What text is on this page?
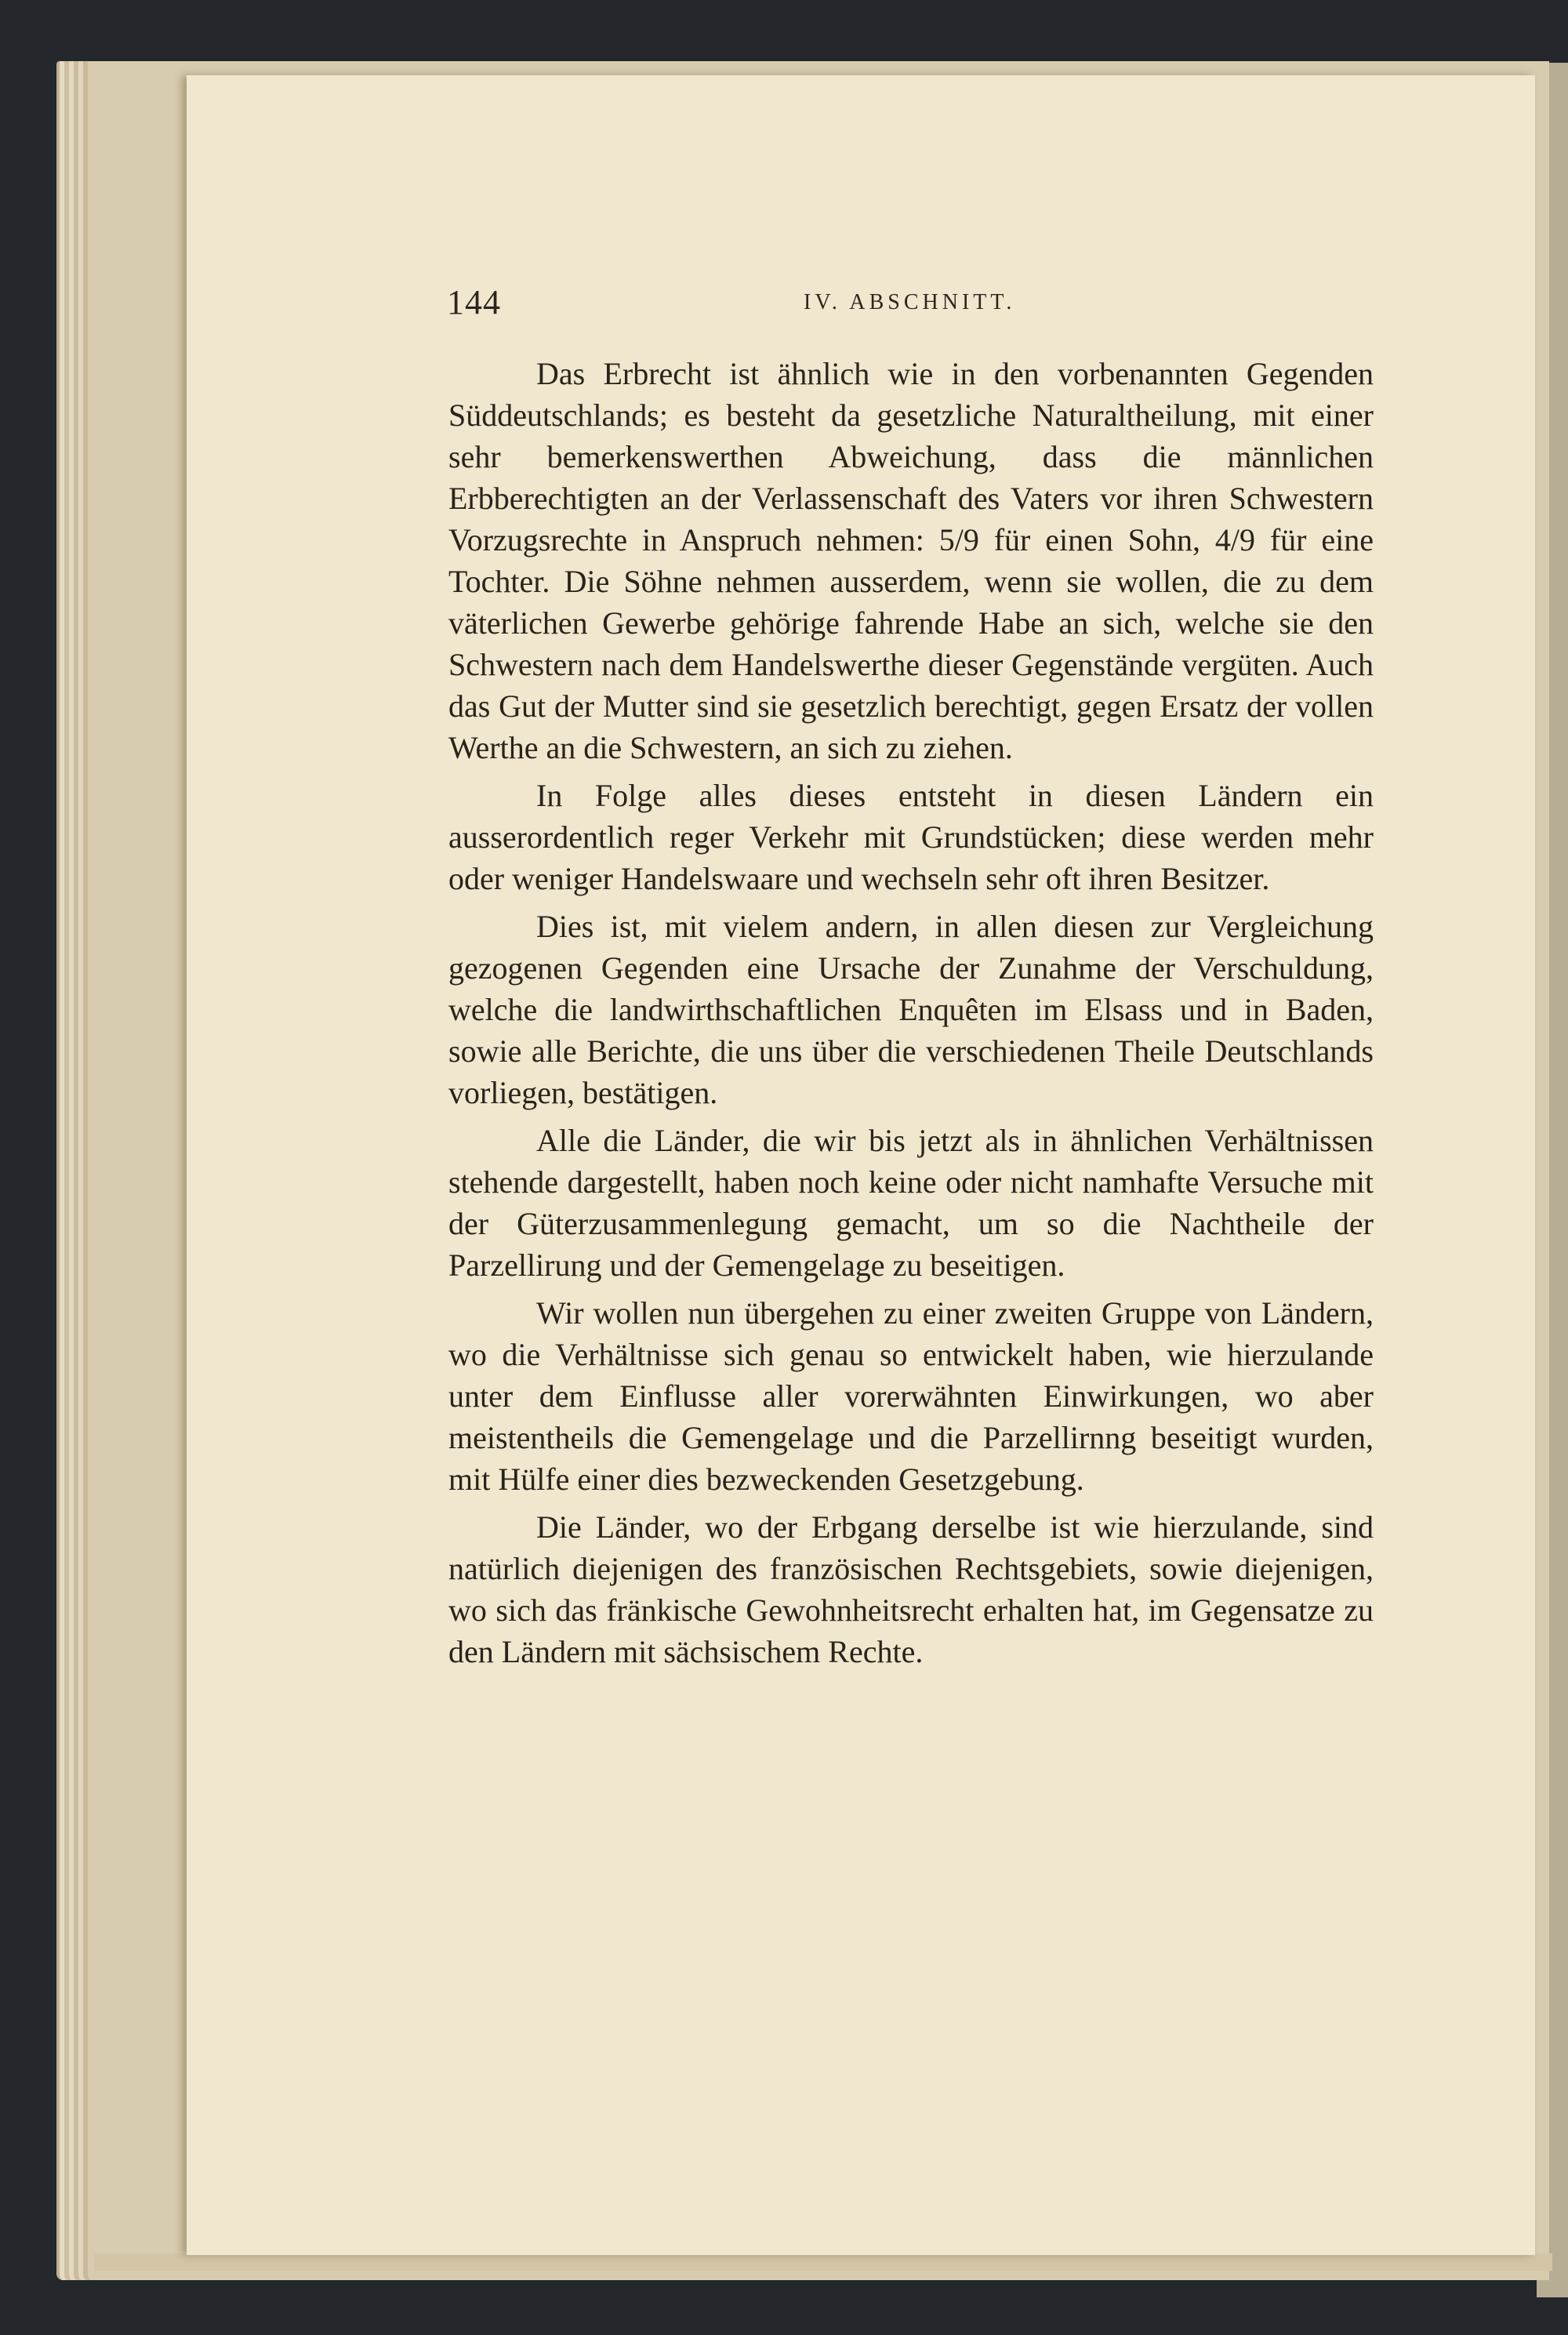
144	IV. ABSCHNITT.

Das Erbrecht ist ähnlich wie in den vorbenannten Gegenden Süddeutschlands; es besteht da gesetzliche Naturaltheilung, mit einer sehr bemerkenswerthen Abweichung, dass die männlichen Erbberechtigten an der Verlassenschaft des Vaters vor ihren Schwestern Vorzugsrechte in Anspruch nehmen: 5/9 für einen Sohn, 4/9 für eine Tochter. Die Söhne nehmen ausserdem, wenn sie wollen, die zu dem väterlichen Gewerbe gehörige fahrende Habe an sich, welche sie den Schwestern nach dem Handelswerthe dieser Gegenstände vergüten. Auch das Gut der Mutter sind sie gesetzlich berechtigt, gegen Ersatz der vollen Werthe an die Schwestern, an sich zu ziehen.

In Folge alles dieses entsteht in diesen Ländern ein ausserordentlich reger Verkehr mit Grundstücken; diese werden mehr oder weniger Handelswaare und wechseln sehr oft ihren Besitzer.

Dies ist, mit vielem andern, in allen diesen zur Vergleichung gezogenen Gegenden eine Ursache der Zunahme der Verschuldung, welche die landwirthschaftlichen Enquêten im Elsass und in Baden, sowie alle Berichte, die uns über die verschiedenen Theile Deutschlands vorliegen, bestätigen.

Alle die Länder, die wir bis jetzt als in ähnlichen Verhältnissen stehende dargestellt, haben noch keine oder nicht namhafte Versuche mit der Güterzusammenlegung gemacht, um so die Nachtheile der Parzellirung und der Gemengelage zu beseitigen.

Wir wollen nun übergehen zu einer zweiten Gruppe von Ländern, wo die Verhältnisse sich genau so entwickelt haben, wie hierzulande unter dem Einflusse aller vorerwähnten Einwirkungen, wo aber meistentheils die Gemengelage und die Parzellirnng beseitigt wurden, mit Hülfe einer dies bezweckenden Gesetzgebung.

Die Länder, wo der Erbgang derselbe ist wie hierzulande, sind natürlich diejenigen des französischen Rechtsgebiets, sowie diejenigen, wo sich das fränkische Gewohnheitsrecht erhalten hat, im Gegensatze zu den Ländern mit sächsischem Rechte.
